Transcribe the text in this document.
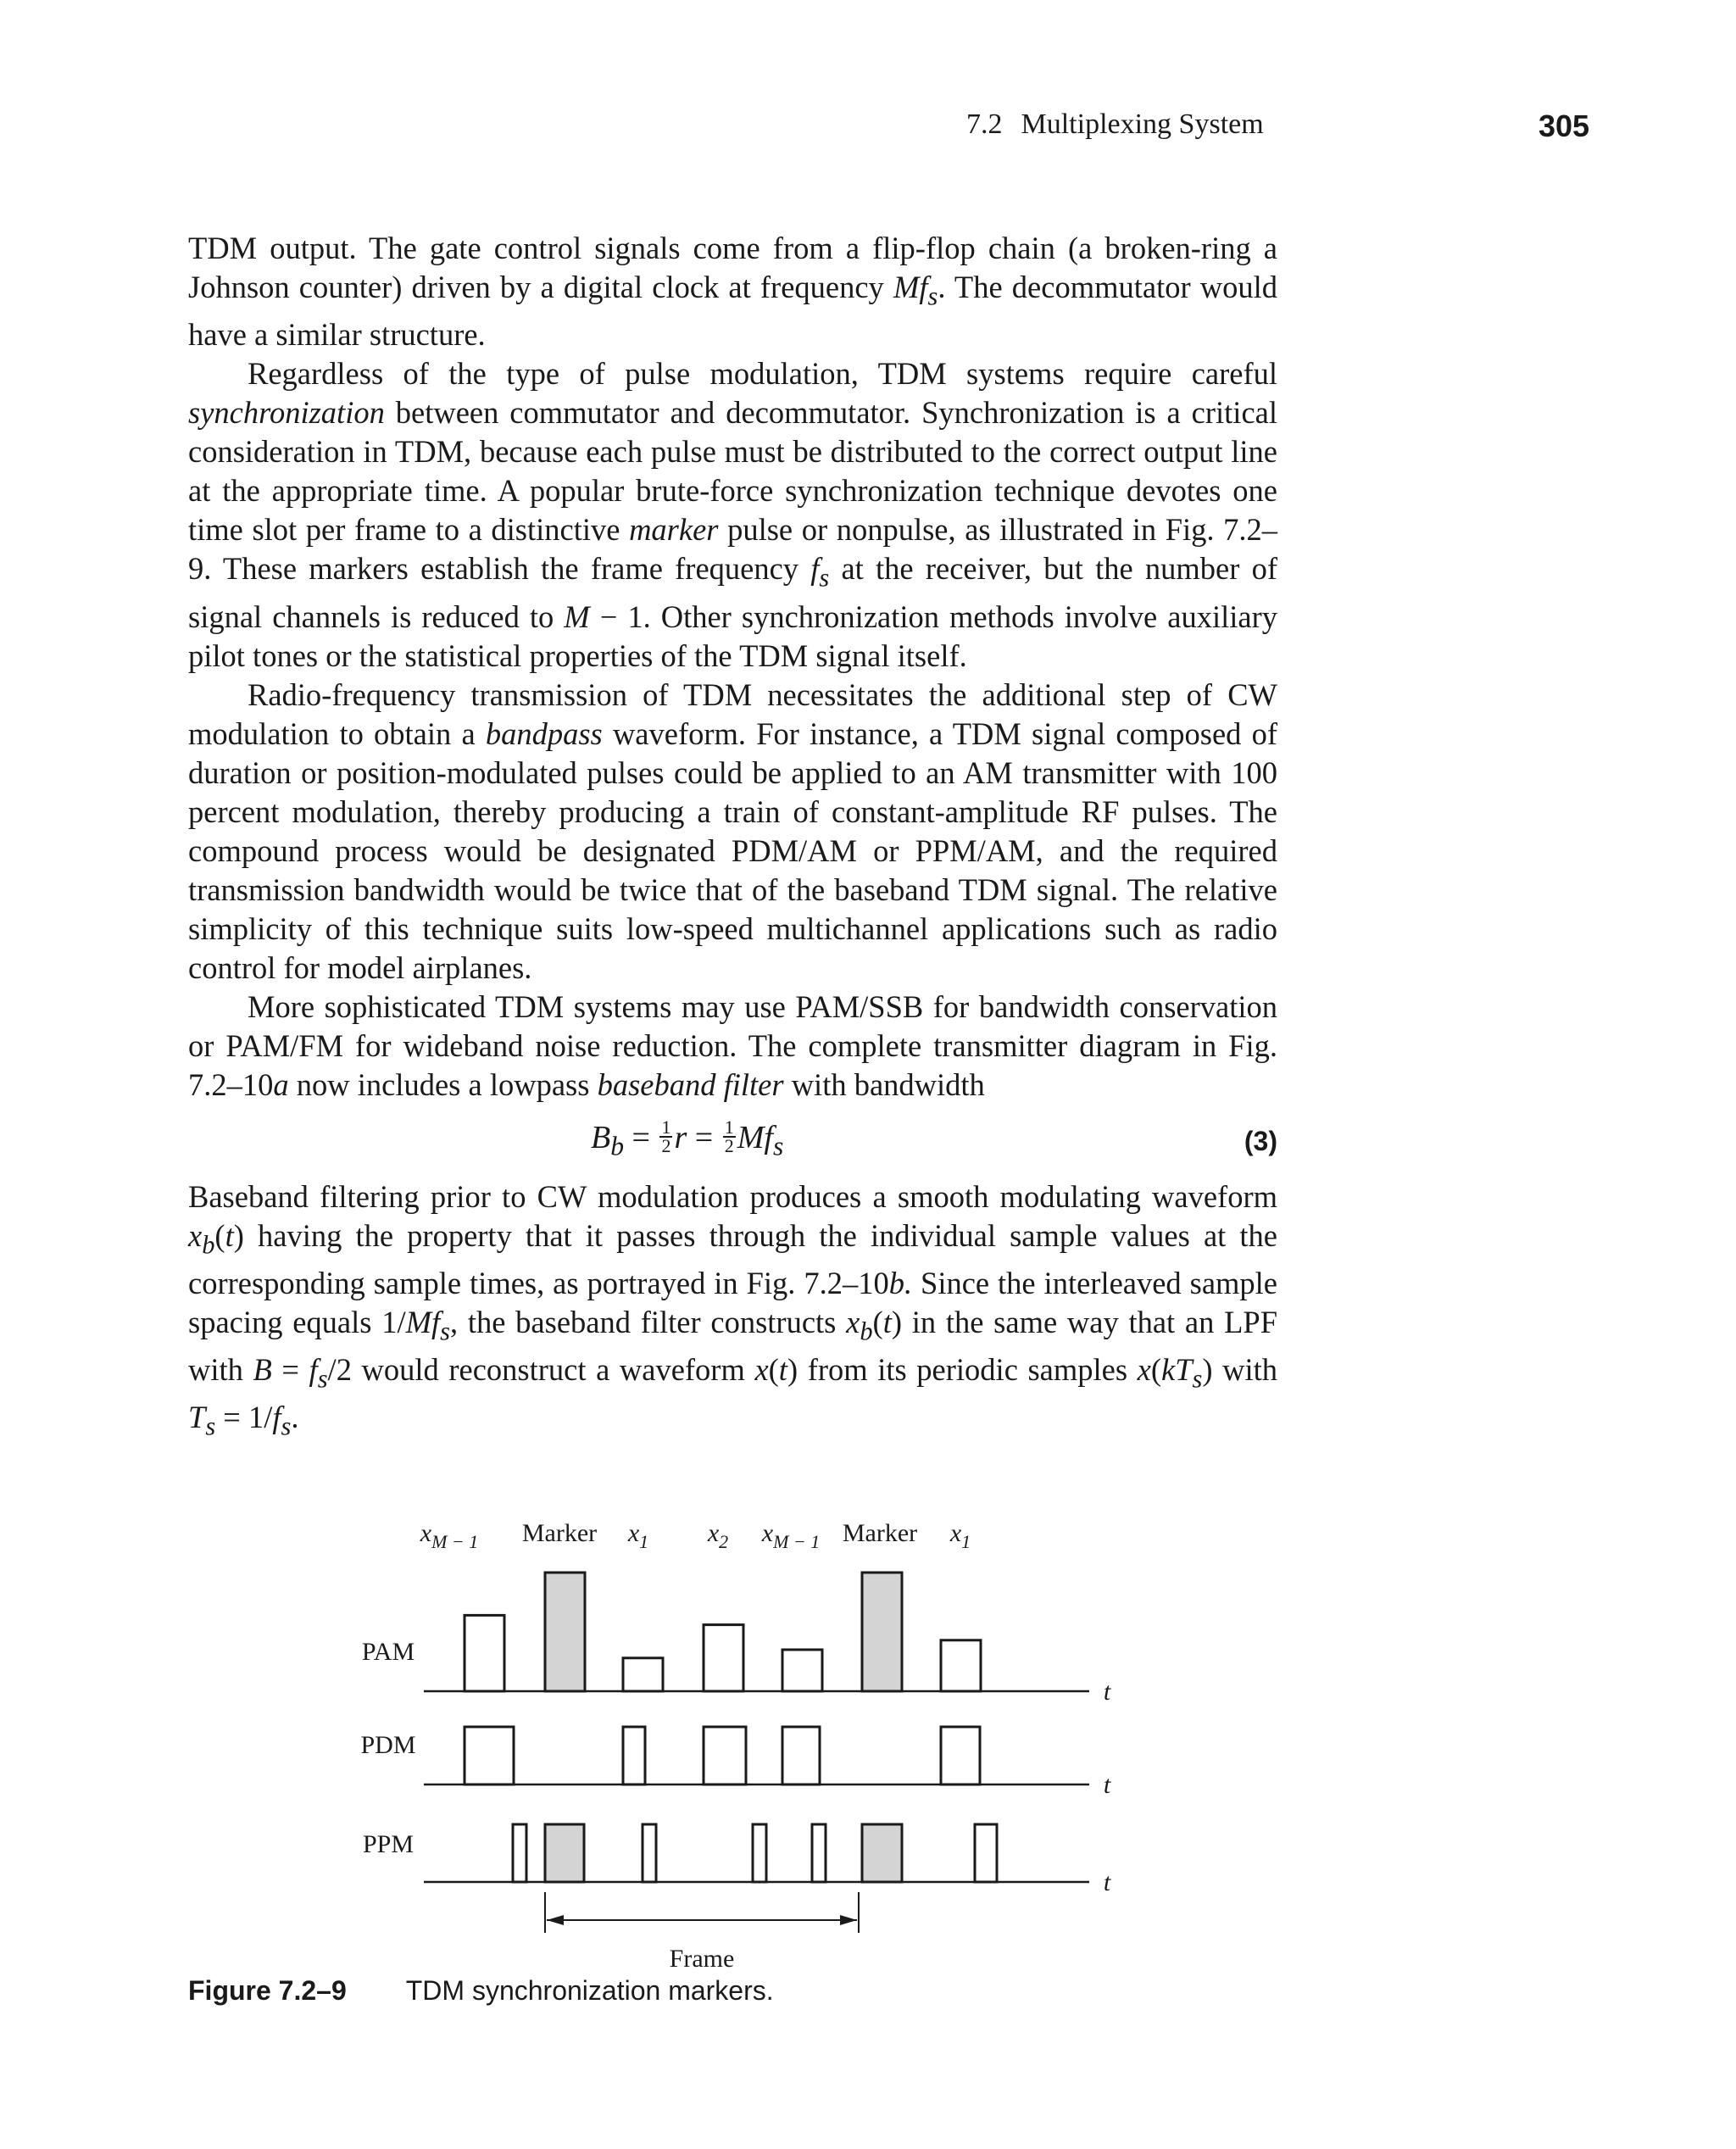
7.2 Multiplexing System	305

TDM output. The gate control signals come from a flip-flop chain (a broken-ring a Johnson counter) driven by a digital clock at frequency $Mf_s$. The decommutator would have a similar structure.

Regardless of the type of pulse modulation, TDM systems require careful synchronization between commutator and decommutator. Synchronization is a critical consideration in TDM, because each pulse must be distributed to the correct output line at the appropriate time. A popular brute-force synchronization technique devotes one time slot per frame to a distinctive marker pulse or nonpulse, as illustrated in Fig. 7.2–9. These markers establish the frame frequency $f_s$ at the receiver, but the number of signal channels is reduced to M − 1. Other synchronization methods involve auxiliary pilot tones or the statistical properties of the TDM signal itself.

Radio-frequency transmission of TDM necessitates the additional step of CW modulation to obtain a bandpass waveform. For instance, a TDM signal composed of duration or position-modulated pulses could be applied to an AM transmitter with 100 percent modulation, thereby producing a train of constant-amplitude RF pulses. The compound process would be designated PDM/AM or PPM/AM, and the required transmission bandwidth would be twice that of the baseband TDM signal. The relative simplicity of this technique suits low-speed multichannel applications such as radio control for model airplanes.

More sophisticated TDM systems may use PAM/SSB for bandwidth conservation or PAM/FM for wideband noise reduction. The complete transmitter diagram in Fig. 7.2–10a now includes a lowpass baseband filter with bandwidth

$B_b = \frac{1}{2}$ $r = \frac{1}{2} Mf_s$	(3)

Baseband filtering prior to CW modulation produces a smooth modulating waveform $x_b(t)$ having the property that it passes through the individual sample values at the corresponding sample times, as portrayed in Fig. 7.2–10b. Since the interleaved sample spacing equals $1/Mf_s$, the baseband filter constructs $x_b(t)$ in the same way that an LPF with $B = f_s/2$ would reconstruct a waveform x(t) from its periodic samples $x(kT_s)$ with $T_s = 1/f_s$.

$x_{M - 1}$ Marker $x_1$ $x_2$ $x_{M - 1}$ Marker $x_1$
PAM
t
PDM
t
PPM
t
Frame
Figure 7.2–9 TDM synchronization markers.
